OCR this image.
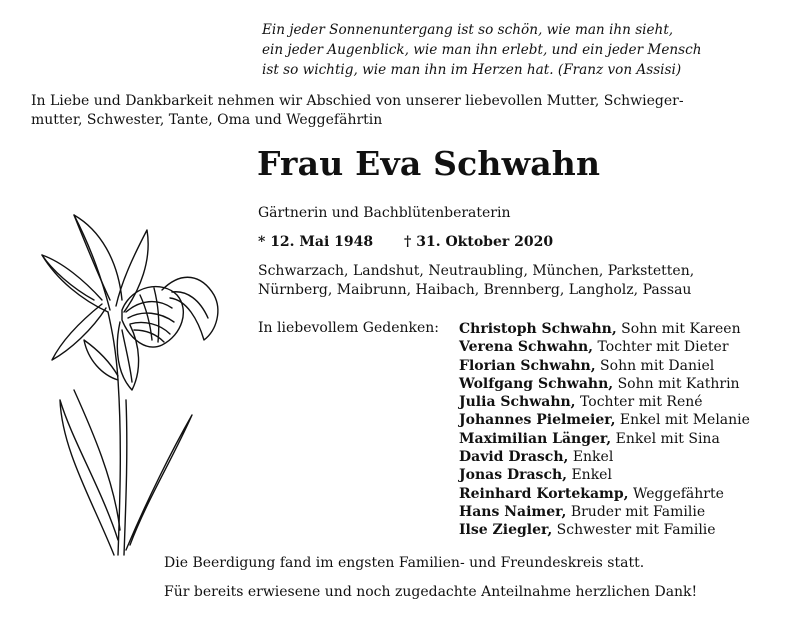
Ein jeder Sonnenuntergang ist so schön, wie man ihn sieht,
ein jeder Augenblick, wie man ihn erlebt, und ein jeder Mensch
ist so wichtig, wie man ihn im Herzen hat. (Franz von Assisi)
In Liebe und Dankbarkeit nehmen wir Abschied von unserer liebevollen Mutter, Schwieger-
mutter, Schwester, Tante, Oma und Weggefährtin
Frau Eva Schwahn
Gärtnerin und Bachblütenberaterin
* 12. Mai 1948 † 31. Oktober 2020
Schwarzach, Landshut, Neutraubling, München, Parkstetten,
Nürnberg, Maibrunn, Haibach, Brennberg, Langholz, Passau
In liebevollem Gedenken: Christoph Schwahn, Sohn mit Kareen
Verena Schwahn, Tochter mit Dieter
Florian Schwahn, Sohn mit Daniel
Wolfgang Schwahn, Sohn mit Kathrin
Julia Schwahn, Tochter mit René
Johannes Pielmeier, Enkel mit Melanie
Maximilian Länger, Enkel mit Sina
David Drasch, Enkel
Jonas Drasch, Enkel
Reinhard Kortekamp, Weggefährte
Hans Naimer, Bruder mit Familie
Ilse Ziegler, Schwester mit Familie
Die Beerdigung fand im engsten Familien- und Freundeskreis statt.
Für bereits erwiesene und noch zugedachte Anteilnahme herzlichen Dank!
